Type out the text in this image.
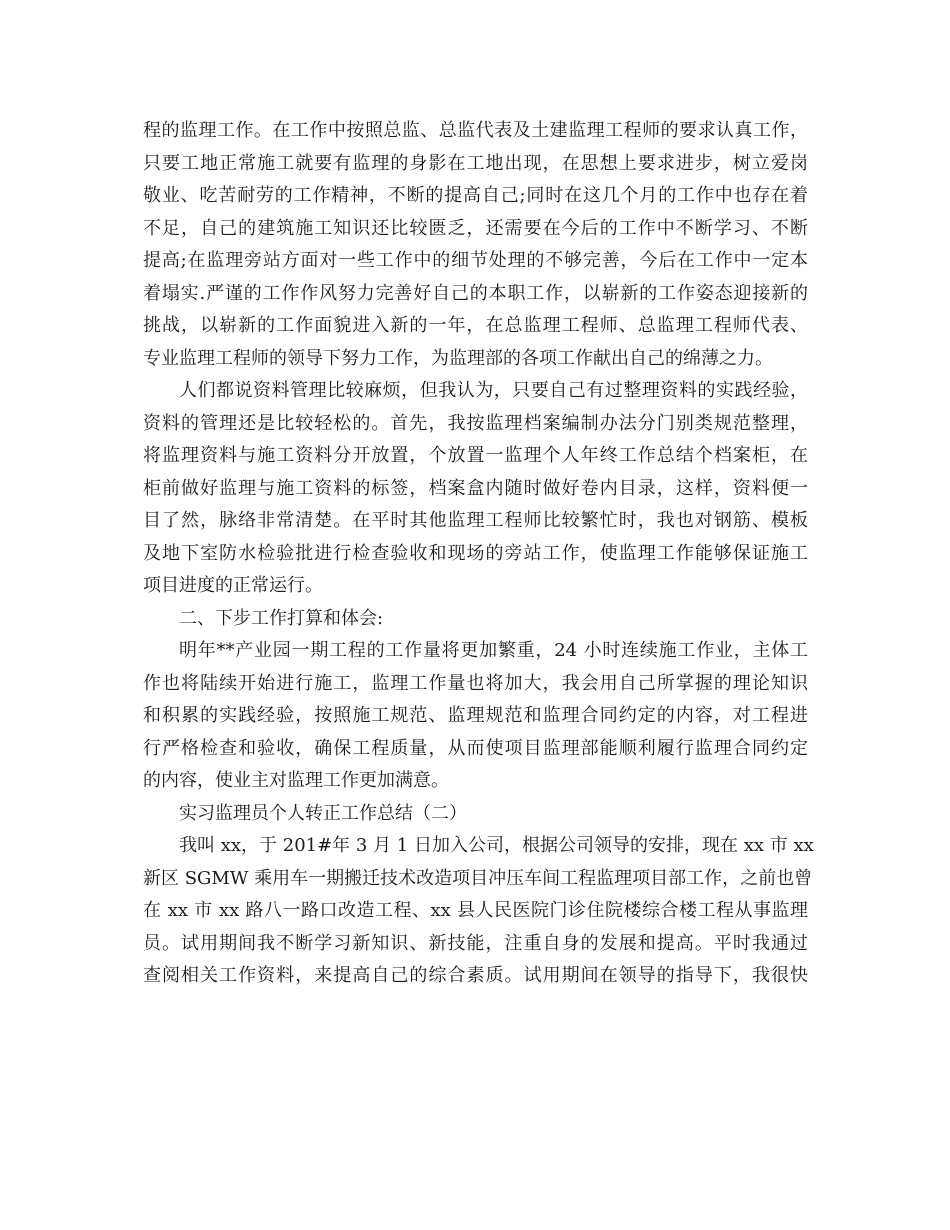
程的监理工作。在工作中按照总监、总监代表及土建监理工程师的要求认真工作，
只要工地正常施工就要有监理的身影在工地出现，在思想上要求进步，树立爱岗
敬业、吃苦耐劳的工作精神，不断的提高自己;同时在这几个月的工作中也存在着
不足，自己的建筑施工知识还比较匮乏，还需要在今后的工作中不断学习、不断
提高;在监理旁站方面对一些工作中的细节处理的不够完善，今后在工作中一定本
着塌实.严谨的工作作风努力完善好自己的本职工作，以崭新的工作姿态迎接新的
挑战，以崭新的工作面貌进入新的一年，在总监理工程师、总监理工程师代表、
专业监理工程师的领导下努力工作，为监理部的各项工作献出自己的绵薄之力。
人们都说资料管理比较麻烦，但我认为，只要自己有过整理资料的实践经验，
资料的管理还是比较轻松的。首先，我按监理档案编制办法分门别类规范整理，
将监理资料与施工资料分开放置，个放置一监理个人年终工作总结个档案柜，在
柜前做好监理与施工资料的标签，档案盒内随时做好卷内目录，这样，资料便一
目了然，脉络非常清楚。在平时其他监理工程师比较繁忙时，我也对钢筋、模板
及地下室防水检验批进行检查验收和现场的旁站工作，使监理工作能够保证施工
项目进度的正常运行。
二、下步工作打算和体会:
明年**产业园一期工程的工作量将更加繁重，24 小时连续施工作业，主体工
作也将陆续开始进行施工，监理工作量也将加大，我会用自己所掌握的理论知识
和积累的实践经验，按照施工规范、监理规范和监理合同约定的内容，对工程进
行严格检查和验收，确保工程质量，从而使项目监理部能顺利履行监理合同约定
的内容，使业主对监理工作更加满意。
实习监理员个人转正工作总结（二）
我叫 xx，于 201#年 3 月 1 日加入公司，根据公司领导的安排，现在 xx 市 xx
新区 SGMW 乘用车一期搬迁技术改造项目冲压车间工程监理项目部工作，之前也曾
在 xx 市 xx 路八一路口改造工程、xx 县人民医院门诊住院楼综合楼工程从事监理
员。试用期间我不断学习新知识、新技能，注重自身的发展和提高。平时我通过
查阅相关工作资料，来提高自己的综合素质。试用期间在领导的指导下，我很快
